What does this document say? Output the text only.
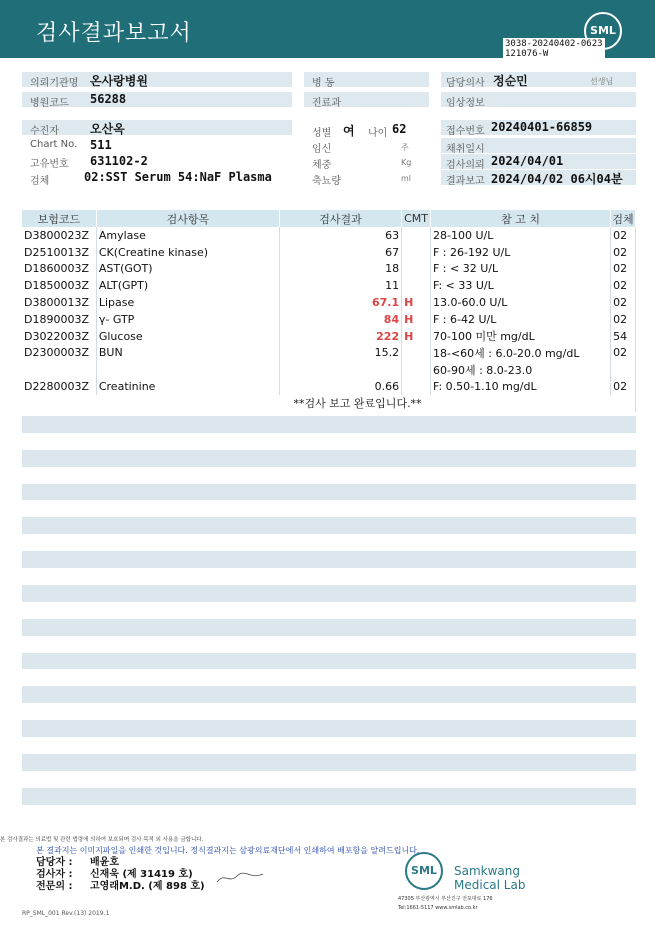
검사결과보고서	SML
3038-20240402-0623
121076-W
의뢰기관명 온사랑병원
병원코드 56288
병 동
진료과
담당의사 정순민	선생님
임상정보
수진자	오산옥
Chart No. 511
고유번호 631102-2
검체	02:SST Serum 54:NaF Plasma
성별 여 나이 62
임신	주
체중	Kg
축뇨량	ml
접수번호 20240401-66859
채취일시
검사의뢰 2024/04/01
결과보고 2024/04/02 06시04분
보험코드	검사항목	검사결과	CMT	참 고 치	검체
D3800023Z	Amylase	63		28-100 U/L	02
D2510013Z	CK(Creatine kinase)	67		F : 26-192 U/L	02
D1860003Z	AST(GOT)	18		F : < 32 U/L	02
D1850003Z	ALT(GPT)	11		F: < 33 U/L	02
D3800013Z	Lipase	67.1	H	13.0-60.0 U/L	02
D1890003Z	γ- GTP	84	H	F : 6-42 U/L	02
D3022003Z	Glucose	222	H	70-100 미만 mg/dL	54
D2300003Z	BUN	15.2		18-<60세 : 6.0-20.0 mg/dL	02
				60-90세 : 8.0-23.0	
D2280003Z	Creatinine	0.66		F: 0.50-1.10 mg/dL	02
**검사 보고 완료입니다.**					
본 검사결과는 의료법 및 관련 법령에 의하여 보호되며 검사 목적 외 사용을 금합니다.
본 결과지는 이미지파일을 인쇄한 것입니다. 정식결과지는 삼광의료재단에서 인쇄하여 배포함을 알려드립니다.
담당자 : 배윤호
검사자 : 신재욱 (제 31419 호)
전문의 : 고영래M.D. (제 898 호)
SML	Samkwang
Medical Lab
47305 부산광역시 부산진구 전포대로 176
Tel:1661-5117 www.smlab.co.kr
RP_SML_001 Rev.(13) 2019.1
